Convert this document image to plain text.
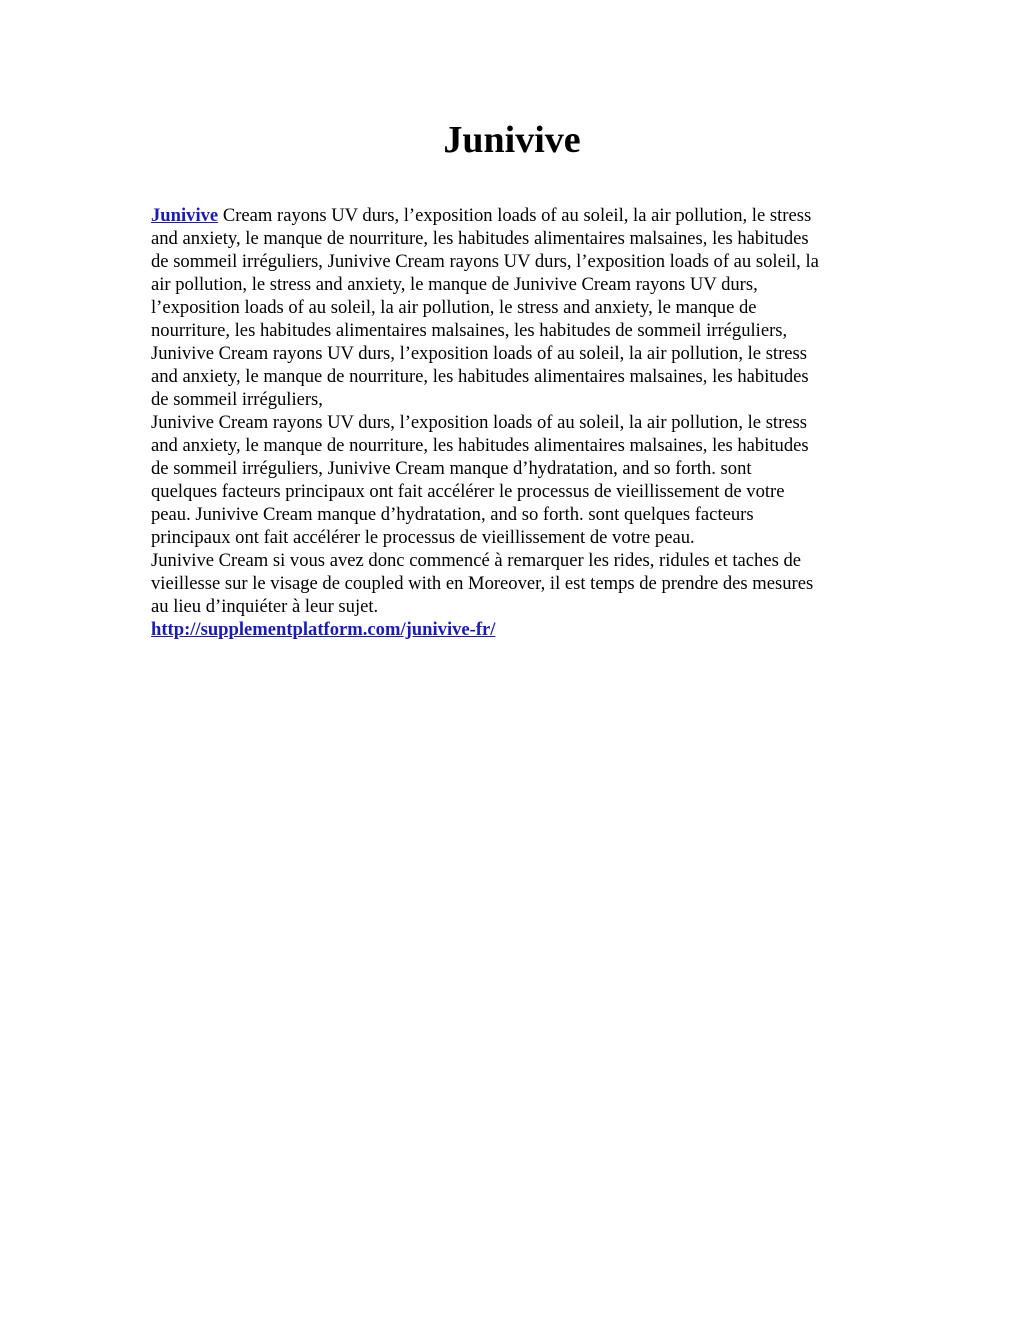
Junivive
Junivive Cream rayons UV durs, l’exposition loads of au soleil, la air pollution, le stress
and anxiety, le manque de nourriture, les habitudes alimentaires malsaines, les habitudes
de sommeil irréguliers, Junivive Cream rayons UV durs, l’exposition loads of au soleil, la
air pollution, le stress and anxiety, le manque de Junivive Cream rayons UV durs,
l’exposition loads of au soleil, la air pollution, le stress and anxiety, le manque de
nourriture, les habitudes alimentaires malsaines, les habitudes de sommeil irréguliers,
Junivive Cream rayons UV durs, l’exposition loads of au soleil, la air pollution, le stress
and anxiety, le manque de nourriture, les habitudes alimentaires malsaines, les habitudes
de sommeil irréguliers,
Junivive Cream rayons UV durs, l’exposition loads of au soleil, la air pollution, le stress
and anxiety, le manque de nourriture, les habitudes alimentaires malsaines, les habitudes
de sommeil irréguliers, Junivive Cream manque d’hydratation, and so forth. sont
quelques facteurs principaux ont fait accélérer le processus de vieillissement de votre
peau. Junivive Cream manque d’hydratation, and so forth. sont quelques facteurs
principaux ont fait accélérer le processus de vieillissement de votre peau.
Junivive Cream si vous avez donc commencé à remarquer les rides, ridules et taches de
vieillesse sur le visage de coupled with en Moreover, il est temps de prendre des mesures
au lieu d’inquiéter à leur sujet.
http://supplementplatform.com/junivive-fr/
